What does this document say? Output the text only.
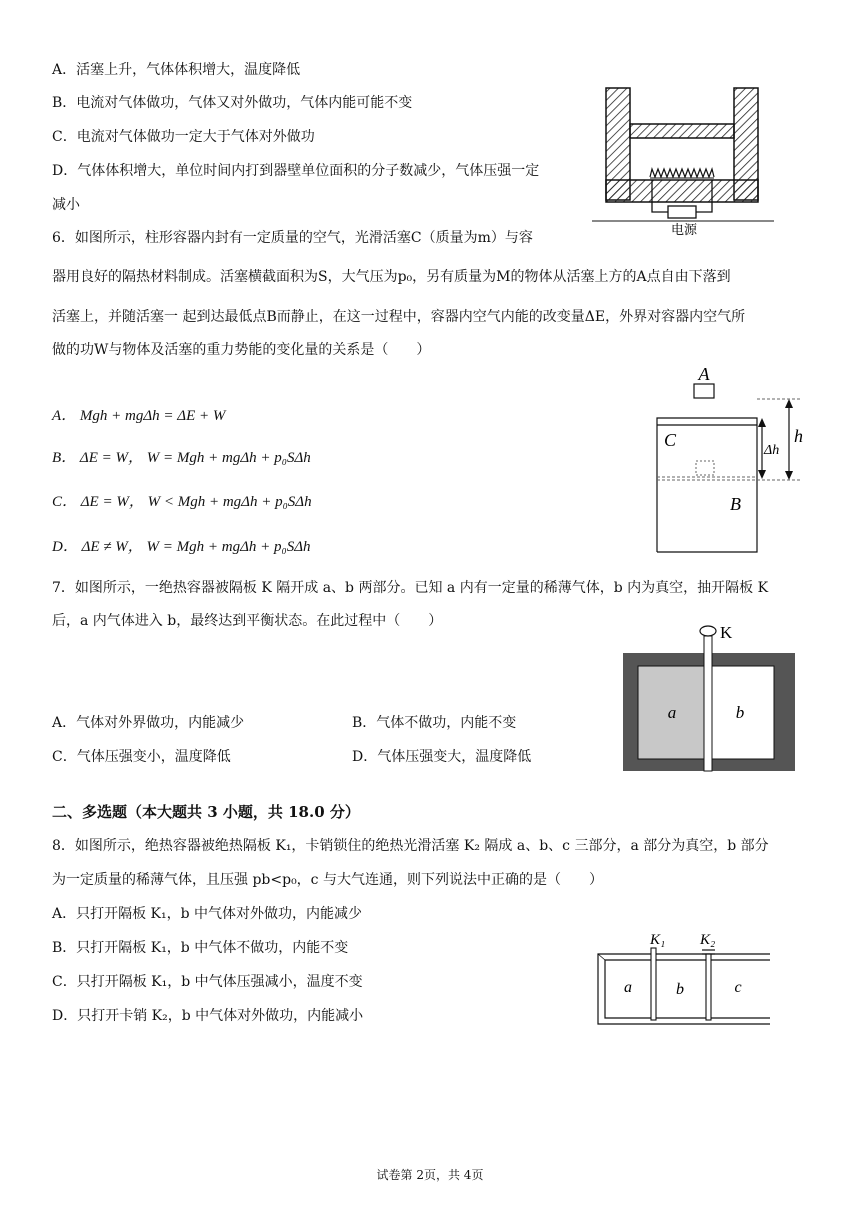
A．活塞上升，气体体积增大，温度降低
B．电流对气体做功，气体又对外做功，气体内能可能不变
C．电流对气体做功一定大于气体对外做功
D．气体体积增大，单位时间内打到器壁单位面积的分子数减少，气体压强一定
减小
电源
6．如图所示，柱形容器内封有一定质量的空气，光滑活塞C（质量为m）与容
器用良好的隔热材料制成。活塞横截面积为S，大气压为p₀，另有质量为M的物体从活塞上方的A点自由下落到
活塞上，并随活塞一 起到达最低点B而静止，在这一过程中，容器内空气内能的改变量ΔE，外界对容器内空气所
做的功W与物体及活塞的重力势能的变化量的关系是（　　）
A． Mgh + mgΔh = ΔE + W
B． ΔE = W， W = Mgh + mgΔh + p₀SΔh
C． ΔE = W， W < Mgh + mgΔh + p₀SΔh
D． ΔE ≠ W， W = Mgh + mgΔh + p₀SΔh
A
C
B
h
Δh
7．如图所示，一绝热容器被隔板 K 隔开成 a、b 两部分。已知 a 内有一定量的稀薄气体，b 内为真空，抽开隔板 K
后，a 内气体进入 b，最终达到平衡状态。在此过程中（　　）
A．气体对外界做功，内能减少	B．气体不做功，内能不变
C．气体压强变小，温度降低	D．气体压强变大，温度降低
K
a	b
二、多选题（本大题共 3 小题，共 18.0 分）
8．如图所示，绝热容器被绝热隔板 K₁，卡销锁住的绝热光滑活塞 K₂ 隔成 a、b、c 三部分，a 部分为真空，b 部分
为一定质量的稀薄气体，且压强 pb<p₀，c 与大气连通，则下列说法中正确的是（　　）
A．只打开隔板 K₁，b 中气体对外做功，内能减少
B．只打开隔板 K₁，b 中气体不做功，内能不变
C．只打开隔板 K₁，b 中气体压强减小，温度不变
D．只打开卡销 K₂，b 中气体对外做功，内能减小
K₁ K₂
a	b	c
试卷第 2页，共 4页
